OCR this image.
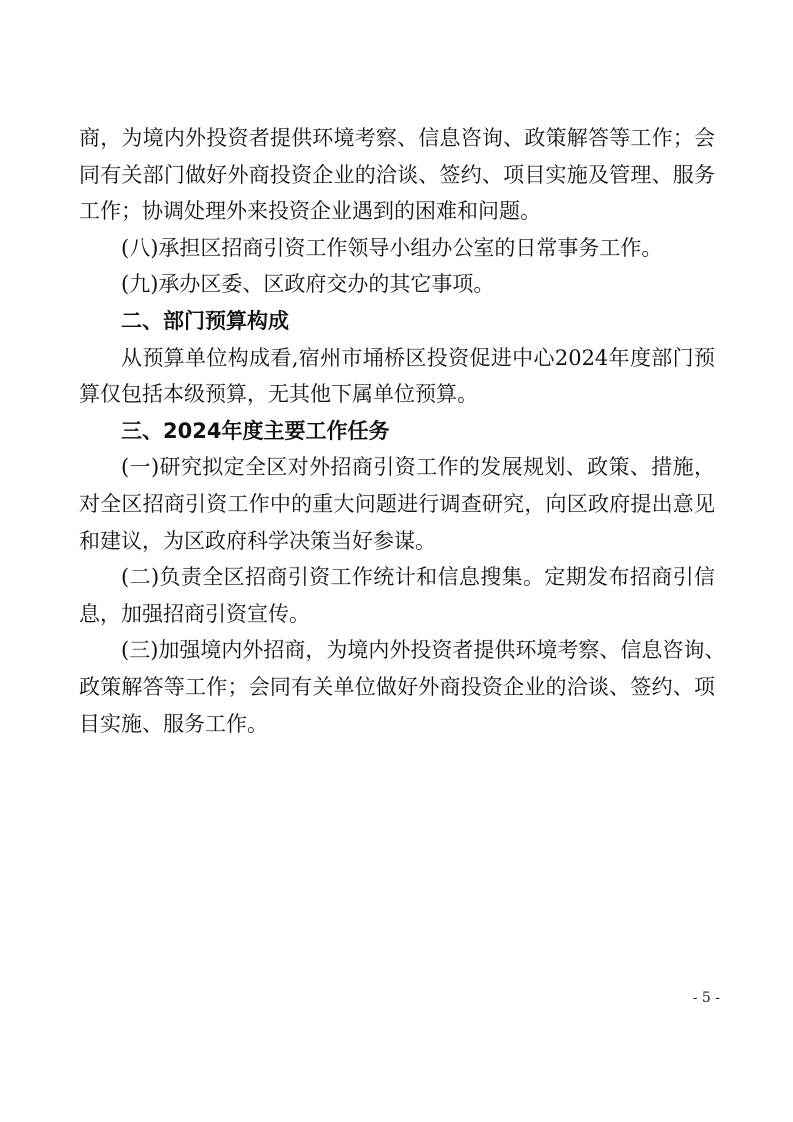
商，为境内外投资者提供环境考察、信息咨询、政策解答等工作；会
同有关部门做好外商投资企业的洽谈、签约、项目实施及管理、服务
工作；协调处理外来投资企业遇到的困难和问题。
(八)承担区招商引资工作领导小组办公室的日常事务工作。
(九)承办区委、区政府交办的其它事项。
二、部门预算构成
从预算单位构成看,宿州市埇桥区投资促进中心2024年度部门预
算仅包括本级预算，无其他下属单位预算。
三、2024年度主要工作任务
(一)研究拟定全区对外招商引资工作的发展规划、政策、措施，
对全区招商引资工作中的重大问题进行调查研究，向区政府提出意见
和建议，为区政府科学决策当好参谋。
(二)负责全区招商引资工作统计和信息搜集。定期发布招商引信
息，加强招商引资宣传。
(三)加强境内外招商，为境内外投资者提供环境考察、信息咨询、
政策解答等工作；会同有关单位做好外商投资企业的洽谈、签约、项
目实施、服务工作。
- 5 -
